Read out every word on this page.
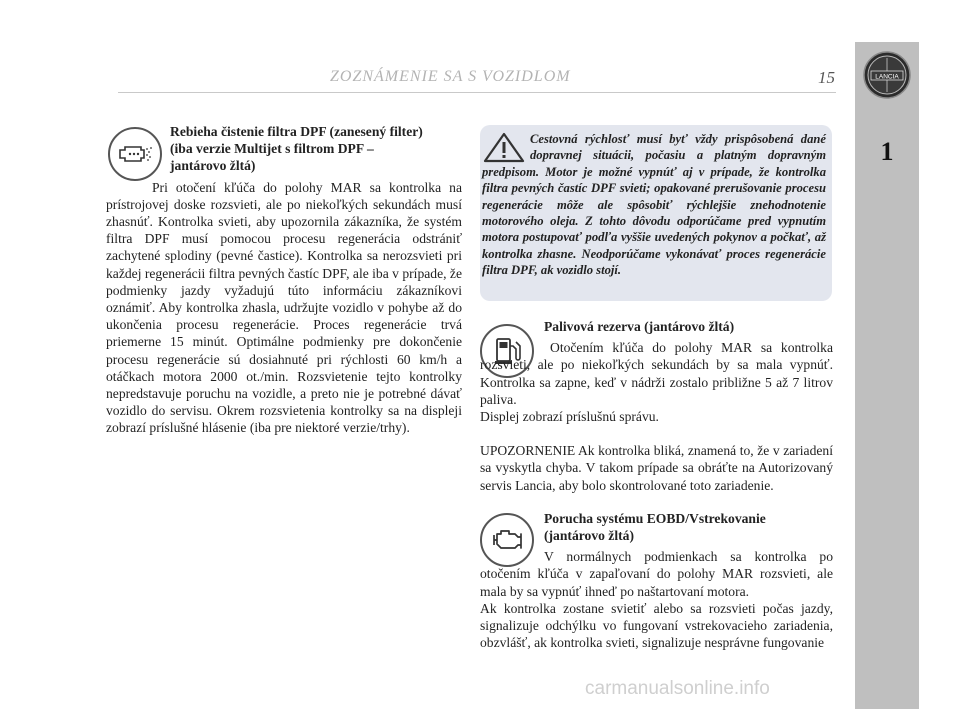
ZOZNÁMENIE SA S VOZIDLOM	15	LANCIA
1

Rebieha čistenie filtra DPF (zanesený filter)

(iba verzie Multijet s filtrom DPF –

jantárovo žltá)

Pri otočení kľúča do polohy MAR sa kontrolka na prístrojovej doske rozsvieti, ale po niekoľkých sekundách musí zhasnúť. Kontrolka svieti, aby upozornila zákazníka, že systém filtra DPF musí pomocou procesu regenerácia odstrániť zachytené splodiny (pevné častice). Kontrolka sa nerozsvieti pri každej regenerácii filtra pevných častíc DPF, ale iba v prípade, že podmienky jazdy vyžadujú túto informáciu zákazníkovi oznámiť. Aby kontrolka zhasla, udržujte vozidlo v pohybe až do ukončenia procesu regenerácie. Proces regenerácie trvá priemerne 15 minút. Optimálne podmienky pre dokončenie procesu regenerácie sú dosiahnuté pri rýchlosti 60 km/h a otáčkach motora 2000 ot./min. Rozsvietenie tejto kontrolky nepredstavuje poruchu na vozidle, a preto nie je potrebné dávať vozidlo do servisu. Okrem rozsvietenia kontrolky sa na displeji zobrazí príslušné hlásenie (iba pre niektoré verzie/trhy).

Cestovná rýchlosť musí byť vždy prispôsobená dané dopravnej situácii, počasiu a platným dopravným predpisom. Motor je možné vypnúť aj v prípade, že kontrolka filtra pevných častíc DPF svieti; opakované prerušovanie procesu regenerácie môže ale spôsobiť rýchlejšie znehodnotenie motorového oleja. Z tohto dôvodu odporúčame pred vypnutím motora postupovať podľa vyššie uvedených pokynov a počkať, až kontrolka zhasne. Neodporúčame vykonávať proces regenerácie filtra DPF, ak vozidlo stojí.

Palivová rezerva (jantárovo žltá)

Otočením kľúča do polohy MAR sa kontrolka rozsvieti, ale po niekoľkých sekundách by sa mala vypnúť. Kontrolka sa zapne, keď v nádrži zostalo približne 5 až 7 litrov paliva.

Displej zobrazí príslušnú správu.

UPOZORNENIE Ak kontrolka bliká, znamená to, že v zariadení sa vyskytla chyba. V takom prípade sa obráťte na Autorizovaný servis Lancia, aby bolo skontrolované toto zariadenie.

Porucha systému EOBD/Vstrekovanie

(jantárovo žltá)

V normálnych podmienkach sa kontrolka po otočením kľúča v zapaľovaní do polohy MAR rozsvieti, ale mala by sa vypnúť ihneď po naštartovaní motora.

Ak kontrolka zostane svietiť alebo sa rozsvieti počas jazdy, signalizuje odchýlku vo fungovaní vstrekovacieho zariadenia, obzvlášť, ak kontrolka svieti, signalizuje nesprávne fungovanie

carmanualsonline.info
